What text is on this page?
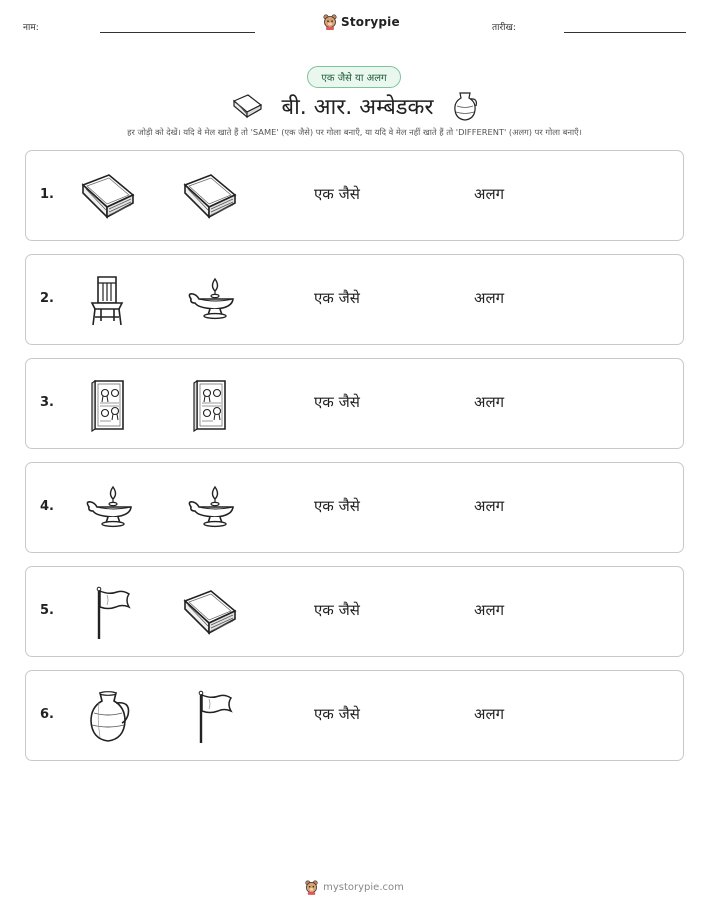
नाम:	Storypie	तारीख:
एक जैसे या अलग
बी. आर. अम्बेडकर
हर जोड़ी को देखें। यदि वे मेल खाते हैं तो 'SAME' (एक जैसे) पर गोला बनाएँ, या यदि वे मेल नहीं खाते हैं तो 'DIFFERENT' (अलग) पर गोला बनाएँ।
1.	एक जैसे	अलग
2.	एक जैसे	अलग
3.	एक जैसे	अलग
4.	एक जैसे	अलग
5.	एक जैसे	अलग
6.	एक जैसे	अलग
mystorypie.com
